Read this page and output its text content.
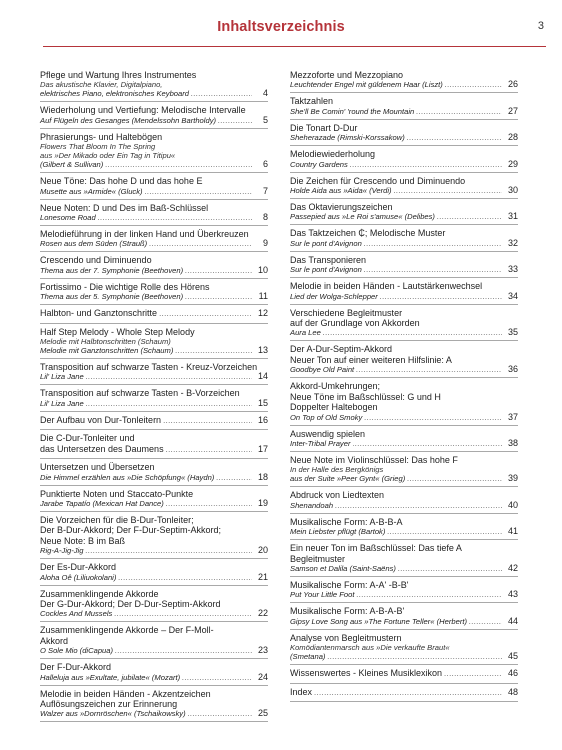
Inhaltsverzeichnis	3
Pflege und Wartung Ihres Instrumentes
Das akustische Klavier, Digitalpiano,
elektrisches Piano, elektronisches Keyboard .....	4
Wiederholung und Vertiefung: Melodische Intervalle
Auf Flügeln des Gesanges (Mendelssohn Bartholdy) .....	5
Phrasierungs- und Haltebögen
Flowers That Bloom In The Spring
aus »Der Mikado oder Ein Tag in Titipu«
(Gilbert & Sullivan) .....	6
Neue Töne: Das hohe D und das hohe E
Musette aus »Armide« (Gluck) .....	7
Neue Noten: D und Des im Baß-Schlüssel
Lonesome Road .....	8
Melodieführung in der linken Hand und Überkreuzen
Rosen aus dem Süden (Strauß) .....	9
Crescendo und Diminuendo
Thema aus der 7. Symphonie (Beethoven) .....	10
Fortissimo - Die wichtige Rolle des Hörens
Thema aus der 5. Symphonie (Beethoven) .....	11
Halbton- und Ganztonschritte .....	12
Half Step Melody - Whole Step Melody
Melodie mit Halbtonschritten (Schaum)
Melodie mit Ganztonschritten (Schaum) .....	13
Transposition auf schwarze Tasten - Kreuz-Vorzeichen
Lil' Liza Jane .....	14
Transposition auf schwarze Tasten - B-Vorzeichen
Lil' Liza Jane .....	15
Der Aufbau von Dur-Tonleitern .....	16
Die C-Dur-Tonleiter und
das Untersetzen des Daumens .....	17
Untersetzen und Übersetzen
Die Himmel erzählen aus »Die Schöpfung« (Haydn) .....	18
Punktierte Noten und Staccato-Punkte
Jarabe Tapatío (Mexican Hat Dance) .....	19
Die Vorzeichen für die B-Dur-Tonleiter;
Der B-Dur-Akkord; Der F-Dur-Septim-Akkord;
Neue Note: B im Baß
Rig-A-Jig-Jig .....	20
Der Es-Dur-Akkord
Aloha Oê (Liliuokolani) .....	21
Zusammenklingende Akkorde
Der G-Dur-Akkord; Der D-Dur-Septim-Akkord
Cockles And Mussels .....	22
Zusammenklingende Akkorde – Der F-Moll-
Akkord
O Sole Mio (diCapua) .....	23
Der F-Dur-Akkord
Halleluja aus »Exultate, jubilate« (Mozart) .....	24
Melodie in beiden Händen - Akzentzeichen
Auflösungszeichen zur Erinnerung
Walzer aus »Dornröschen« (Tschaikowsky) .....	25
Mezzoforte und Mezzopiano
Leuchtender Engel mit güldenem Haar (Liszt) .....	26
Taktzahlen
She'll Be Comin' 'round the Mountain .....	27
Die Tonart D-Dur
Sheherazade (Rimski-Korssakow) .....	28
Melodiewiederholung
Country Gardens .....	29
Die Zeichen für Crescendo und Diminuendo
Holde Aida aus »Aida« (Verdi) .....	30
Das Oktavierungszeichen
Passepied aus »Le Roi s'amuse« (Delibes) .....	31
Das Taktzeichen ₵; Melodische Muster
Sur le pont d'Avignon .....	32
Das Transponieren
Sur le pont d'Avignon .....	33
Melodie in beiden Händen - Lautstärkenwechsel
Lied der Wolga-Schlepper .....	34
Verschiedene Begleitmuster
auf der Grundlage von Akkorden
Aura Lee .....	35
Der A-Dur-Septim-Akkord
Neuer Ton auf einer weiteren Hilfslinie: A
Goodbye Old Paint .....	36
Akkord-Umkehrungen;
Neue Töne im Baßschlüssel: G und H
Doppelter Haltebogen
On Top of Old Smoky .....	37
Auswendig spielen
Inter-Tribal Prayer .....	38
Neue Note im Violinschlüssel: Das hohe F
In der Halle des Bergkönigs
aus der Suite »Peer Gynt« (Grieg) .....	39
Abdruck von Liedtexten
Shenandoah .....	40
Musikalische Form: A-B-B-A
Mein Liebster pflügt (Bartok) .....	41
Ein neuer Ton im Baßschlüssel: Das tiefe A
Begleitmuster
Samson et Dalila (Saint-Saëns) .....	42
Musikalische Form: A-A' -B-B'
Put Your Little Foot .....	43
Musikalische Form: A-B-A-B'
Gipsy Love Song aus »The Fortune Teller« (Herbert) .....	44
Analyse von Begleitmustern
Komödiantenmarsch aus »Die verkaufte Braut«
(Smetana) .....	45
Wissenswertes - Kleines Musiklexikon .....	46
Index .....	48
